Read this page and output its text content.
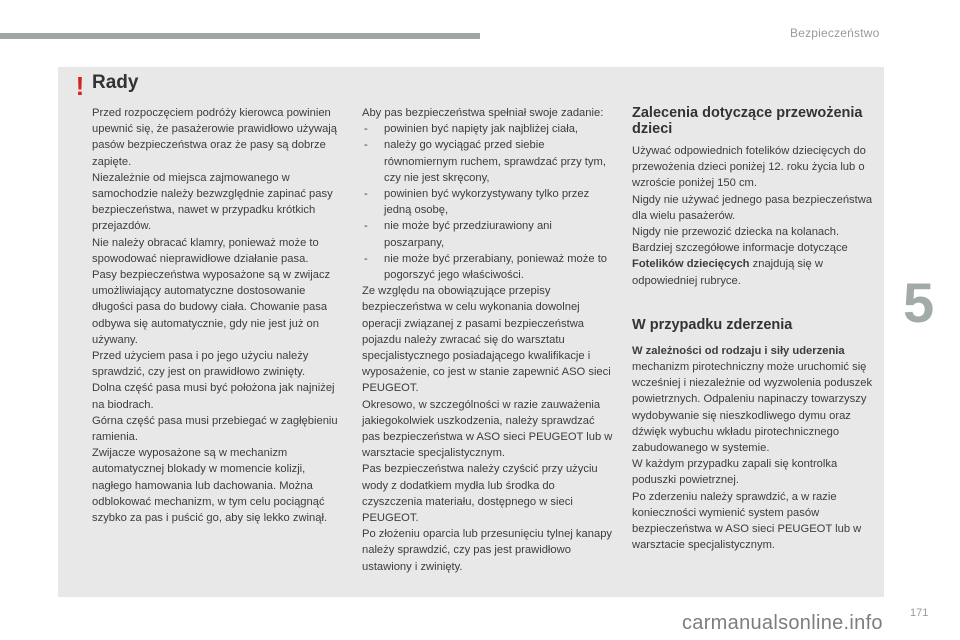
Bezpieczeństwo
! Rady

Przed rozpoczęciem podróży kierowca powinien upewnić się, że pasażerowie prawidłowo używają pasów bezpieczeństwa oraz że pasy są dobrze zapięte.

Niezależnie od miejsca zajmowanego w samochodzie należy bezwzględnie zapinać pasy bezpieczeństwa, nawet w przypadku krótkich przejazdów.

Nie należy obracać klamry, ponieważ może to spowodować nieprawidłowe działanie pasa.

Pasy bezpieczeństwa wyposażone są w zwijacz umożliwiający automatyczne dostosowanie długości pasa do budowy ciała. Chowanie pasa odbywa się automatycznie, gdy nie jest już on używany.

Przed użyciem pasa i po jego użyciu należy sprawdzić, czy jest on prawidłowo zwinięty.

Dolna część pasa musi być położona jak najniżej na biodrach.

Górna część pasa musi przebiegać w zagłębieniu ramienia.

Zwijacze wyposażone są w mechanizm automatycznej blokady w momencie kolizji, nagłego hamowania lub dachowania. Można odblokować mechanizm, w tym celu pociągnąć szybko za pas i puścić go, aby się lekko zwinął.

Aby pas bezpieczeństwa spełniał swoje zadanie:

- powinien być napięty jak najbliżej ciała,

- należy go wyciągać przed siebie równomiernym ruchem, sprawdzać przy tym, czy nie jest skręcony,

- powinien być wykorzystywany tylko przez jedną osobę,

- nie może być przedziurawiony ani poszarpany,

- nie może być przerabiany, ponieważ może to pogorszyć jego właściwości.

Ze względu na obowiązujące przepisy bezpieczeństwa w celu wykonania dowolnej operacji związanej z pasami bezpieczeństwa pojazdu należy zwracać się do warsztatu specjalistycznego posiadającego kwalifikacje i wyposażenie, co jest w stanie zapewnić ASO sieci PEUGEOT.

Okresowo, w szczególności w razie zauważenia jakiegokolwiek uszkodzenia, należy sprawdzać pas bezpieczeństwa w ASO sieci PEUGEOT lub w warsztacie specjalistycznym.

Pas bezpieczeństwa należy czyścić przy użyciu wody z dodatkiem mydła lub środka do czyszczenia materiału, dostępnego w sieci PEUGEOT.

Po złożeniu oparcia lub przesunięciu tylnej kanapy należy sprawdzić, czy pas jest prawidłowo ustawiony i zwinięty.

Zalecenia dotyczące przewożenia dzieci

Używać odpowiednich fotelików dziecięcych do przewożenia dzieci poniżej 12. roku życia lub o wzroście poniżej 150 cm.

Nigdy nie używać jednego pasa bezpieczeństwa dla wielu pasażerów.

Nigdy nie przewozić dziecka na kolanach.

Bardziej szczegółowe informacje dotyczące Fotelików dziecięcych znajdują się w odpowiedniej rubryce.

W przypadku zderzenia

W zależności od rodzaju i siły uderzenia

mechanizm pirotechniczny może uruchomić się wcześniej i niezależnie od wyzwolenia poduszek powietrznych. Odpaleniu napinaczy towarzyszy wydobywanie się nieszkodliwego dymu oraz dźwięk wybuchu wkładu pirotechnicznego zabudowanego w systemie.

W każdym przypadku zapali się kontrolka poduszki powietrznej.

Po zderzeniu należy sprawdzić, a w razie konieczności wymienić system pasów bezpieczeństwa w ASO sieci PEUGEOT lub w warsztacie specjalistycznym.

5
171
carmanualsonline.info
